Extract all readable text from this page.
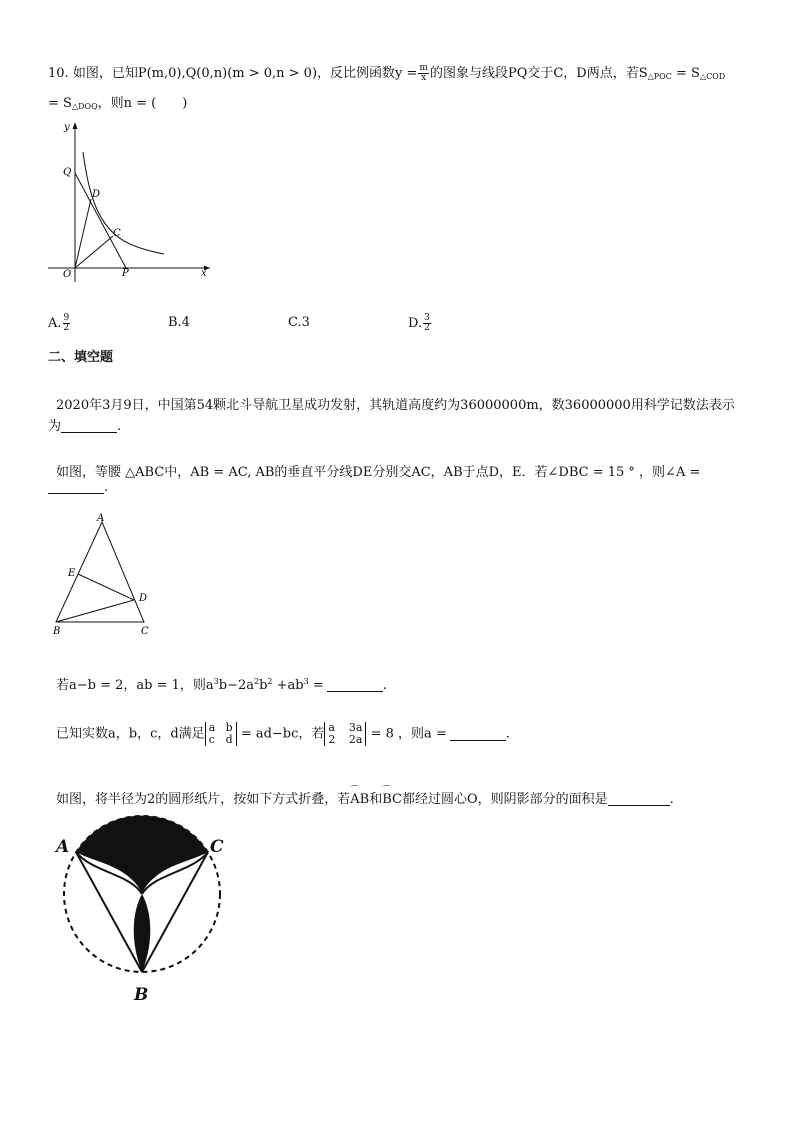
10. 如图，已知P(m,0),Q(0,n)(m > 0,n > 0)，反比例函数$y = \frac{m}{x}$ 的图象与线段PQ交于C，D两点，若$S_{\triangle POC} = S_{\triangle COD}$
= $S_{\triangle DOQ}$，则n = (　　)
y
x
O	P
Q
D
C
A. $\frac{9}{2}$	B.4	C.3	D. $\frac{3}{2}$
二、填空题
2020年3月9日，中国第54颗北斗导航卫星成功发射，其轨道高度约为36000000m，数36000000用科学记数法表示
为	.
如图，等腰 △ABC中，AB = AC, AB的垂直平分线DE分别交AC，AB于点D，E．若∠DBC = 15 ° ，则∠A =
.
A
E
D
B	C
若a−b = 2，ab = 1，则$a^3b-2a^2b^2 +ab^3$ =	.
已知实数a，b，c，d满足 a b
c d = ad−bc，若 a 3a
2 2a = 8 ，则a =	.
如图，将半径为2的圆形纸片，按如下方式折叠，若⌒ AB和⌒ BC都经过圆心O，则阴影部分的面积是	.
O
A	C
B
